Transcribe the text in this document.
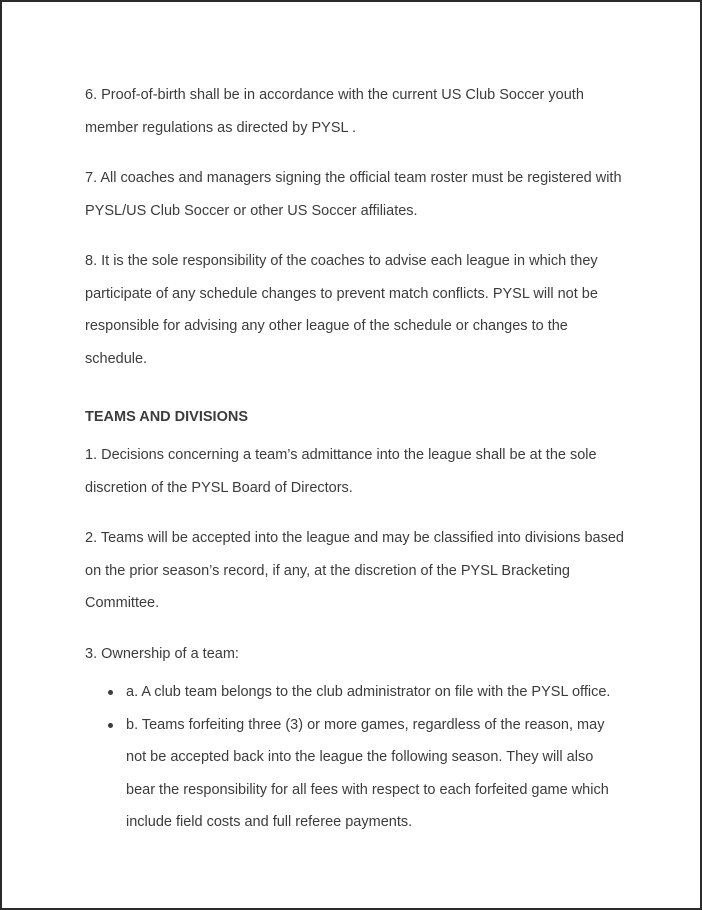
6. Proof-of-birth shall be in accordance with the current US Club Soccer youth member regulations as directed by PYSL .

7. All coaches and managers signing the official team roster must be registered with PYSL/US Club Soccer or other US Soccer affiliates.

8. It is the sole responsibility of the coaches to advise each league in which they participate of any schedule changes to prevent match conflicts. PYSL will not be responsible for advising any other league of the schedule or changes to the schedule.

TEAMS AND DIVISIONS

1. Decisions concerning a team’s admittance into the league shall be at the sole discretion of the PYSL Board of Directors.

2. Teams will be accepted into the league and may be classified into divisions based on the prior season’s record, if any, at the discretion of the PYSL Bracketing Committee.

3. Ownership of a team:

a. A club team belongs to the club administrator on file with the PYSL office.
b. Teams forfeiting three (3) or more games, regardless of the reason, may not be accepted back into the league the following season. They will also bear the responsibility for all fees with respect to each forfeited game which include field costs and full referee payments.
